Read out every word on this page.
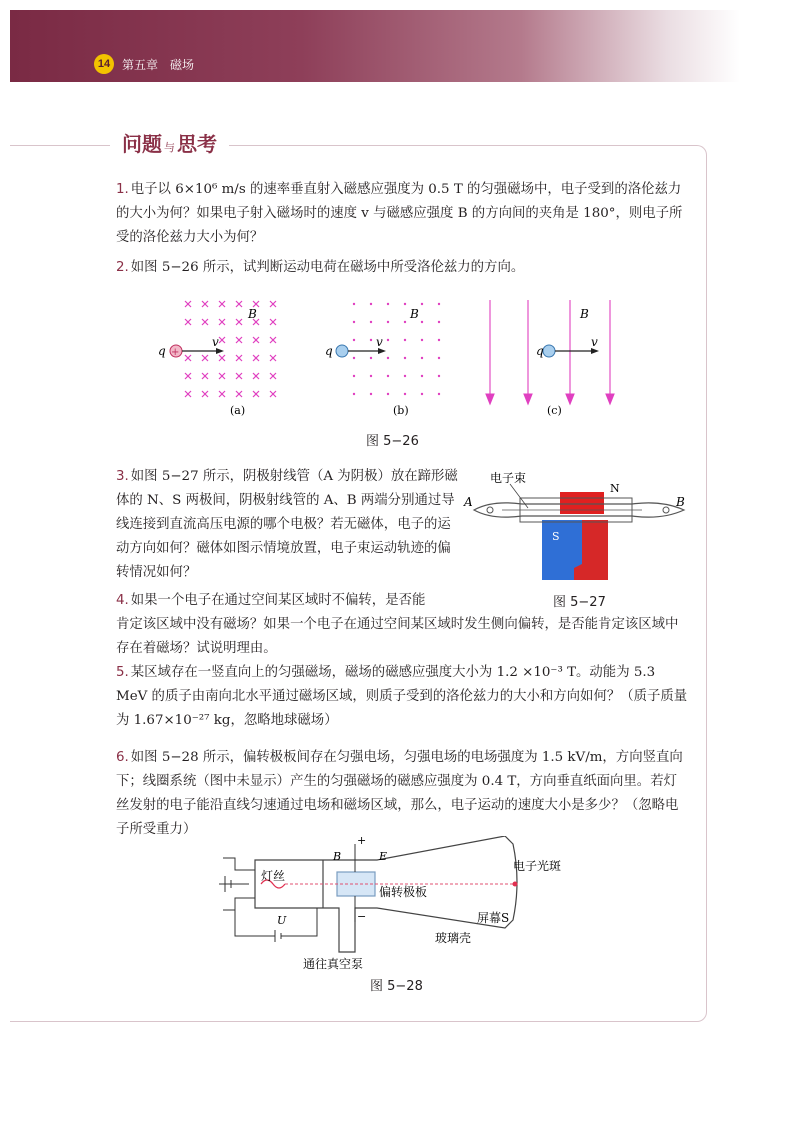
14 第五章　磁场
问题 与 思考
1. 电子以 6×10⁶ m/s 的速率垂直射入磁感应强度为 0.5 T 的匀强磁场中，电子受到的洛伦兹力的大小为何？如果电子射入磁场时的速度 v 与磁感应强度 B 的方向间的夹角是 180°，则电子所受的洛伦兹力大小为何？
2. 如图 5−26 所示，试判断运动电荷在磁场中所受洛伦兹力的方向。
+
q
v
B
(a)
q
v
B
(b)
q
v
B
(c)
图 5−26
3. 如图 5−27 所示，阴极射线管（A 为阴极）放在蹄形磁体的 N、S 两极间，阴极射线管的 A、B 两端分别通过导线连接到直流高压电源的哪个电极？若无磁体，电子的运动方向如何？磁体如图示情境放置，电子束运动轨迹的偏转情况如何？
电子束
A	B
N
S
图 5−27
4. 如果一个电子在通过空间某区域时不偏转，是否能
肯定该区域中没有磁场？如果一个电子在通过空间某区域时发生侧向偏转，是否能肯定该区域中存在着磁场？试说明理由。
5. 某区域存在一竖直向上的匀强磁场，磁场的磁感应强度大小为 1.2 ×10⁻³ T。动能为 5.3 MeV 的质子由南向北水平通过磁场区域，则质子受到的洛伦兹力的大小和方向如何？（质子质量为 1.67×10⁻²⁷ kg，忽略地球磁场）
6. 如图 5−28 所示，偏转极板间存在匀强电场，匀强电场的电场强度为 1.5 kV/m，方向竖直向下；线圈系统（图中未显示）产生的匀强磁场的磁感应强度为 0.4 T，方向垂直纸面向里。若灯丝发射的电子能沿直线匀速通过电场和磁场区域，那么，电子运动的速度大小是多少？（忽略电子所受重力）
灯丝
偏转极板
电子光斑
屏幕S
玻璃壳
通往真空泵
B	E
U
+
−
图 5−28
